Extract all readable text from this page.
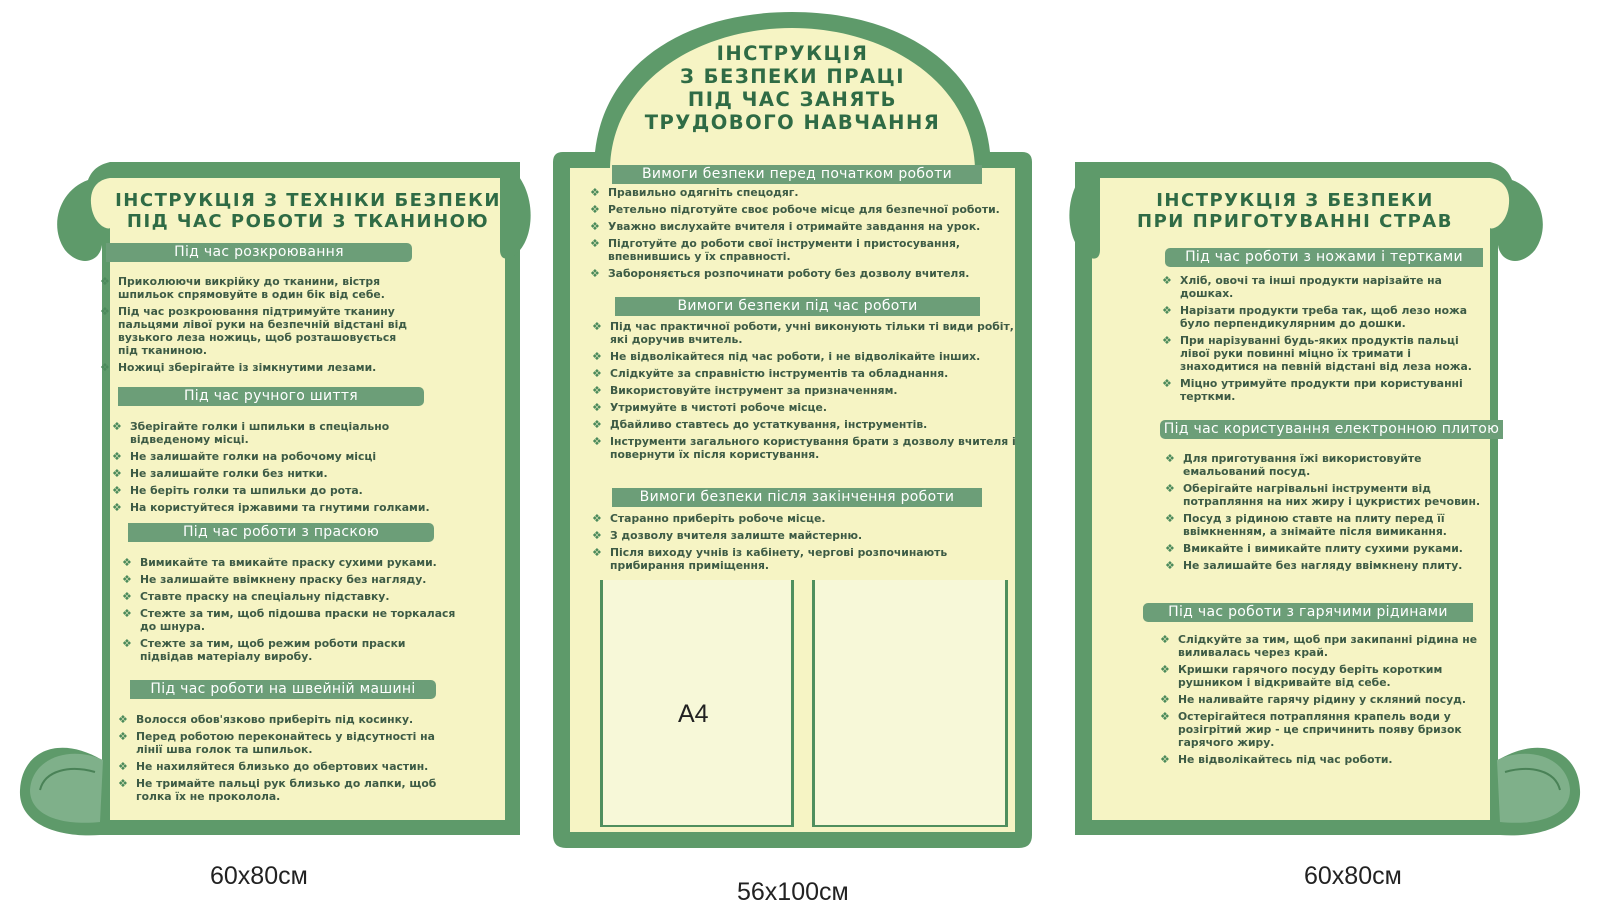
ІНСТРУКЦІЯ З ТЕХНІКИ БЕЗПЕКИ
ПІД ЧАС РОБОТИ З ТКАНИНОЮ
Під час розкроювання
❖ Приколюючи викрійку до тканини, вістря шпильок спрямовуйте в один бік від себе.
❖ Під час розкроювання підтримуйте тканину пальцями лівої руки на безпечній відстані від вузького леза ножиць, щоб розташовується під тканиною.
❖ Ножиці зберігайте із зімкнутими лезами.
Під час ручного шиття
❖ Зберігайте голки і шпильки в спеціально відведеному місці.
❖ Не залишайте голки на робочому місці
❖ Не залишайте голки без нитки.
❖ Не беріть голки та шпильки до рота.
❖ На користуйтеся іржавими та гнутими голками.
Під час роботи з праскою
❖ Вимикайте та вмикайте праску сухими руками.
❖ Не залишайте ввімкнену праску без нагляду.
❖ Ставте праску на спеціальну підставку.
❖ Стежте за тим, щоб підошва праски не торкалася до шнура.
❖ Стежте за тим, щоб режим роботи праски підвідав матеріалу виробу.
Під час роботи на швейній машині
❖ Волосся обов'язково приберіть під косинку.
❖ Перед роботою переконайтесь у відсутності на лінії шва голок та шпильок.
❖ Не нахиляйтеся близько до обертових частин.
❖ Не тримайте пальці рук близько до лапки, щоб голка їх не проколола.
60х80см
ІНСТРУКЦІЯ
З БЕЗПЕКИ ПРАЦІ
ПІД ЧАС ЗАНЯТЬ
ТРУДОВОГО НАВЧАННЯ
Вимоги безпеки перед початком роботи
❖ Правильно одягніть спецодяг.
❖ Ретельно підготуйте своє робоче місце для безпечної роботи.
❖ Уважно вислухайте вчителя і отримайте завдання на урок.
❖ Підготуйте до роботи свої інструменти і пристосування, впевнившись у їх справності.
❖ Забороняється розпочинати роботу без дозволу вчителя.
Вимоги безпеки під час роботи
❖ Під час практичної роботи, учні виконують тільки ті види робіт, які доручив вчитель.
❖ Не відволікайтеся під час роботи, і не відволікайте інших.
❖ Слідкуйте за справністю інструментів та обладнання.
❖ Використовуйте інструмент за призначенням.
❖ Утримуйте в чистоті робоче місце.
❖ Дбайливо ставтесь до устаткування, інструментів.
❖ Інструменти загального користування брати з дозволу вчителя і повернути їх після користування.
Вимоги безпеки після закінчення роботи
❖ Старанно приберіть робоче місце.
❖ З дозволу вчителя залиште майстерню.
❖ Після виходу учнів із кабінету, чергові розпочинають прибирання приміщення.
А4
56х100см
ІНСТРУКЦІЯ З БЕЗПЕКИ
ПРИ ПРИГОТУВАННІ СТРАВ
Під час роботи з ножами і тертками
❖ Хліб, овочі та інші продукти нарізайте на дошках.
❖ Нарізати продукти треба так, щоб лезо ножа було перпендикулярним до дошки.
❖ При нарізуванні будь-яких продуктів пальці лівої руки повинні міцно їх тримати і знаходитися на певній відстані від леза ножа.
❖ Міцно утримуйте продукти при користуванні терткми.
Під час користування електронною плитою
❖ Для приготування їжі використовуйте емальований посуд.
❖ Оберігайте нагрівальні інструменти від потрапляння на них жиру і цукристих речовин.
❖ Посуд з рідиною ставте на плиту перед її ввімкненням, а знімайте після вимикання.
❖ Вмикайте і вимикайте плиту сухими руками.
❖ Не залишайте без нагляду ввімкнену плиту.
Під час роботи з гарячими рідинами
❖ Слідкуйте за тим, щоб при закипанні рідина не виливалась через край.
❖ Кришки гарячого посуду беріть коротким рушником і відкривайте від себе.
❖ Не наливайте гарячу рідину у скляний посуд.
❖ Остерігайтеся потрапляння крапель води у розігрітий жир - це спричинить появу бризок гарячого жиру.
❖ Не відволікайтесь під час роботи.
60х80см
